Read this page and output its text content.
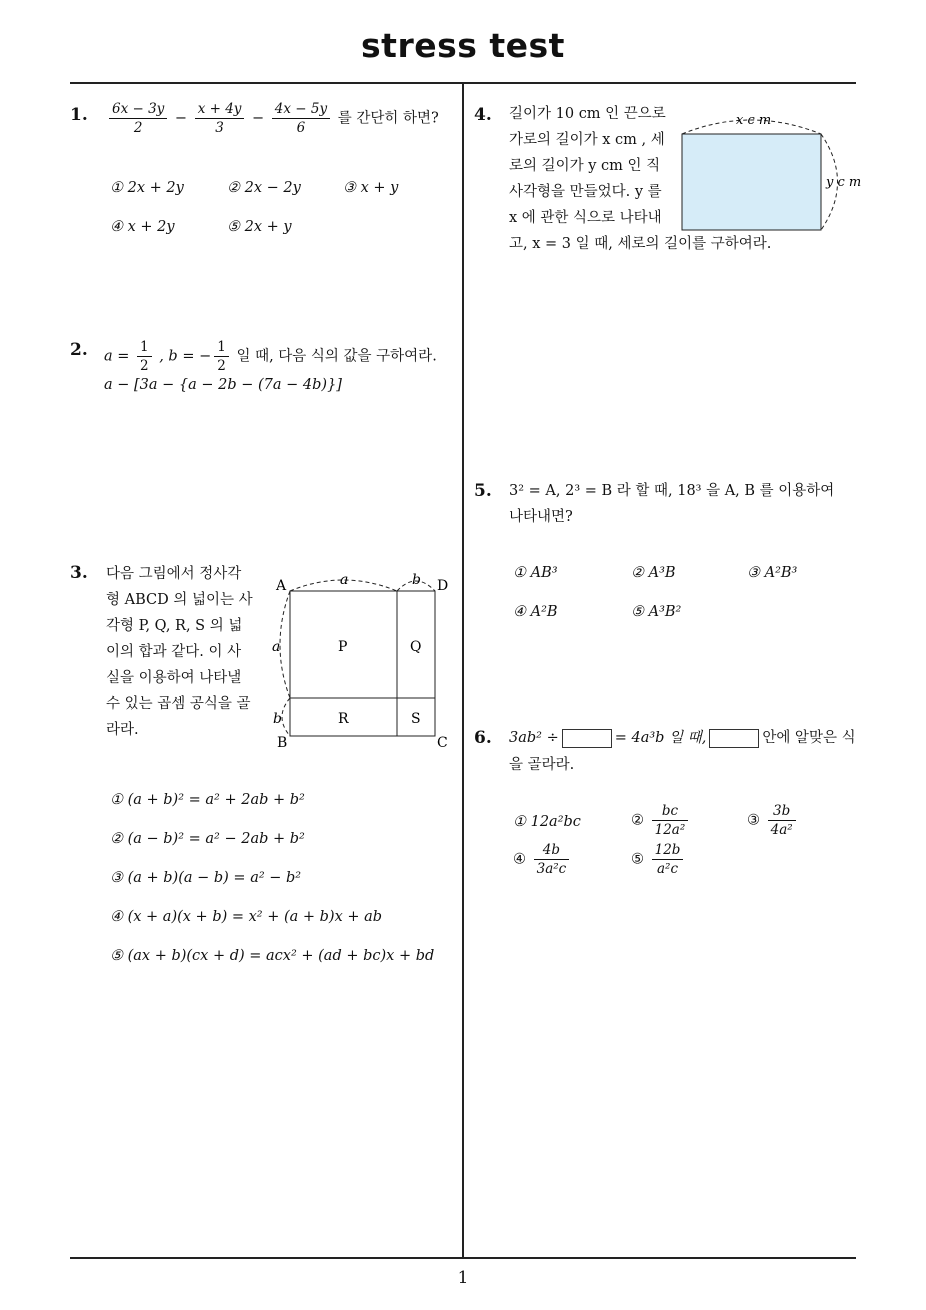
stress test
1
1. $\frac{6x - 3y}{2} - \frac{x + 4y}{3} - \frac{4x - 5y}{6}$ 를 간단히 하면?
① 2x + 2y	② 2x − 2y	③ x + y
④ x + 2y	⑤ 2x + y
2. $a = \frac{1}{2}$ , b = − $\frac{1}{2}$ 일 때, 다음 식의 값을 구하여라.
a − [3a − {a − 2b − (7a − 4b)}]
3. 다음 그림에서 정사각
형 ABCD 의 넓이는 사
각형 P, Q, R, S 의 넓
이의 합과 같다. 이 사
실을 이용하여 나타낼
수 있는 곱셈 공식을 골
라라.
A	D
B	C
a	b
a
b
P	Q
R	S
① (a + b)² = a² + 2ab + b²
② (a − b)² = a² − 2ab + b²
③ (a + b)(a − b) = a² − b²
④ (x + a)(x + b) = x² + (a + b)x + ab
⑤ (ax + b)(cx + d) = acx² + (ad + bc)x + bd
4. 길이가 10 cm 인 끈으로
가로의 길이가 x cm , 세
로의 길이가 y cm 인 직
사각형을 만들었다. y 를
x 에 관한 식으로 나타내
고, x = 3 일 때, 세로의 길이를 구하여라.
x c m
y c m
5. 3² = A, 2³ = B 라 할 때, 18³ 을 A, B 를 이용하여
나타내면?
① AB³	② A³B	③ A²B³
④ A²B	⑤ A³B²
6. 3ab² ÷	= 4a³b 일 때,	안에 알맞은 식
을 골라라.
① 12a²bc	② $\frac{bc}{\text{12a²}}$	③ $\frac{3b}{\text{4a²}}$
④ $\frac{4b}{\text{3a²c}}$	⑤ $\frac{12b}{\text{a²c}}$
